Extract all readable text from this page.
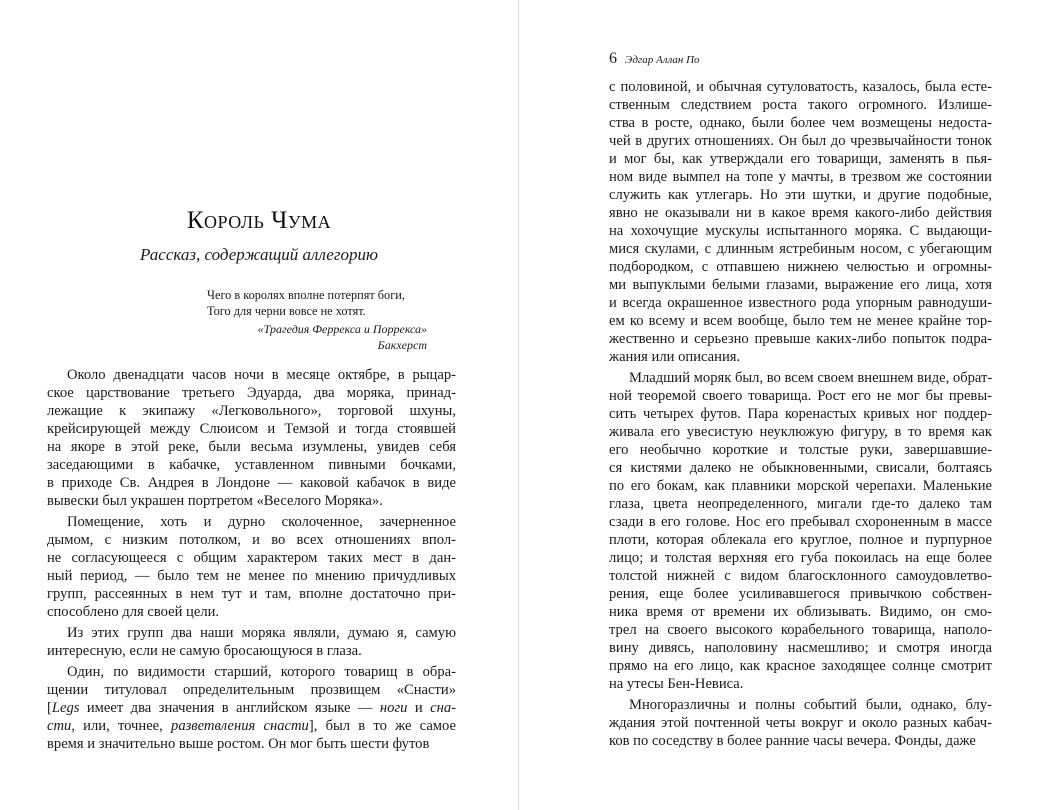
Король Чума
Рассказ, содержащий аллегорию
Чего в королях вполне потерпят боги,
Того для черни вовсе не хотят.
«Трагедия Феррекса и Поррекса»
Бакхерст

Около двенадцати часов ночи в месяце октябре, в рыцар-
ское царствование третьего Эдуарда, два моряка, принад-
лежащие к экипажу «Легковольного», торговой шхуны,
крейсирующей между Слюисом и Темзой и тогда стоявшей
на якоре в этой реке, были весьма изумлены, увидев себя
заседающими в кабачке, уставленном пивными бочками,
в приходе Св. Андрея в Лондоне — каковой кабачок в виде
вывески был украшен портретом «Веселого Моряка».

Помещение, хоть и дурно сколоченное, зачерненное
дымом, с низким потолком, и во всех отношениях впол-
не согласующееся с общим характером таких мест в дан-
ный период, — было тем не менее по мнению причудливых
групп, рассеянных в нем тут и там, вполне достаточно при-
способлено для своей цели.

Из этих групп два наши моряка являли, думаю я, самую
интересную, если не самую бросающуюся в глаза.

Один, по видимости старший, которого товарищ в обра-
щении титуловал определительным прозвищем «Снасти»
[Legs имеет два значения в английском языке — ноги и сна-
сти, или, точнее, разветвления снасти], был в то же самое
время и значительно выше ростом. Он мог быть шести футов

6 Эдгар Аллан По

с половиной, и обычная сутуловатость, казалось, была есте-
ственным следствием роста такого огромного. Излише-
ства в росте, однако, были более чем возмещены недоста-
чей в других отношениях. Он был до чрезвычайности тонок
и мог бы, как утверждали его товарищи, заменять в пья-
ном виде вымпел на топе у мачты, в трезвом же состоянии
служить как утлегарь. Но эти шутки, и другие подобные,
явно не оказывали ни в какое время какого-либо действия
на хохочущие мускулы испытанного моряка. С выдающи-
мися скулами, с длинным ястребиным носом, с убегающим
подбородком, с отпавшею нижнею челюстью и огромны-
ми выпуклыми белыми глазами, выражение его лица, хотя
и всегда окрашенное известного рода упорным равнодуши-
ем ко всему и всем вообще, было тем не менее крайне тор-
жественно и серьезно превыше каких-либо попыток подра-
жания или описания.

Младший моряк был, во всем своем внешнем виде, обрат-
ной теоремой своего товарища. Рост его не мог бы превы-
сить четырех футов. Пара коренастых кривых ног поддер-
живала его увесистую неуклюжую фигуру, в то время как
его необычно короткие и толстые руки, завершавшие-
ся кистями далеко не обыкновенными, свисали, болтаясь
по его бокам, как плавники морской черепахи. Маленькие
глаза, цвета неопределенного, мигали где-то далеко там
сзади в его голове. Нос его пребывал схороненным в массе
плоти, которая облекала его круглое, полное и пурпурное
лицо; и толстая верхняя его губа покоилась на еще более
толстой нижней с видом благосклонного самоудовлетво-
рения, еще более усиливавшегося привычкою собствен-
ника время от времени их облизывать. Видимо, он смо-
трел на своего высокого корабельного товарища, наполо-
вину дивясь, наполовину насмешливо; и смотря иногда
прямо на его лицо, как красное заходящее солнце смотрит
на утесы Бен-Невиса.

Многоразличны и полны событий были, однако, блу-
ждания этой почтенной четы вокруг и около разных кабач-
ков по соседству в более ранние часы вечера. Фонды, даже
